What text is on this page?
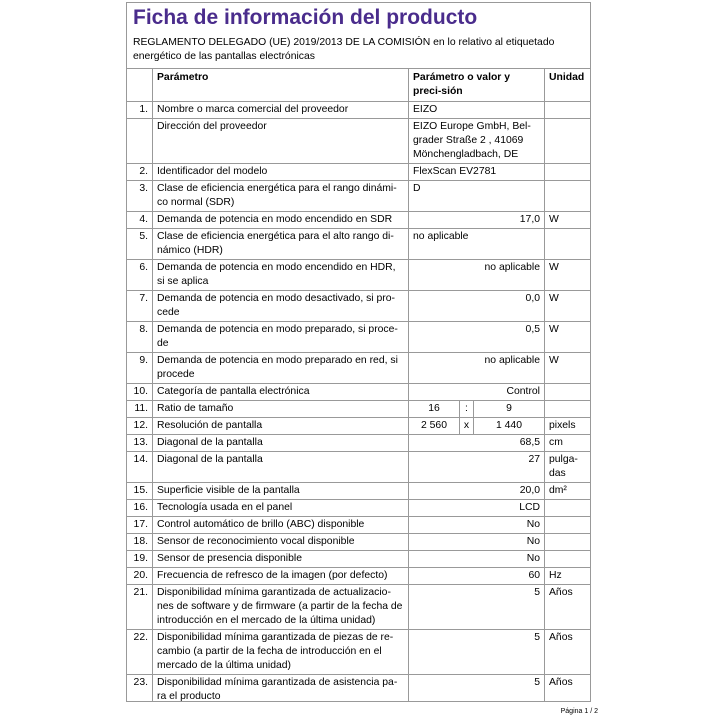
Ficha de información del producto
REGLAMENTO DELEGADO (UE) 2019/2013 DE LA COMISIÓN en lo relativo al etiquetado energético de las pantallas electrónicas
	Parámetro	Parámetro o valor y preci-sión			Unidad
1.	Nombre o marca comercial del proveedor	EIZO			
	Dirección del proveedor	EIZO Europe GmbH, Bel-grader Straße 2 , 41069 Mönchengladbach, DE			
2.	Identificador del modelo	FlexScan EV2781			
3.	Clase de eficiencia energética para el rango dinámi-co normal (SDR)	D			
4.	Demanda de potencia en modo encendido en SDR	17,0			W
5.	Clase de eficiencia energética para el alto rango di-námico (HDR)	no aplicable			
6.	Demanda de potencia en modo encendido en HDR, si se aplica	no aplicable			W
7.	Demanda de potencia en modo desactivado, si pro-cede	0,0			W
8.	Demanda de potencia en modo preparado, si proce-de	0,5			W
9.	Demanda de potencia en modo preparado en red, si procede	no aplicable			W
10.	Categoría de pantalla electrónica	Control			
11.	Ratio de tamaño	16	:	9	
12.	Resolución de pantalla	2 560	x	1 440	pixels
13.	Diagonal de la pantalla	68,5			cm
14.	Diagonal de la pantalla	27			pulga-das
15.	Superficie visible de la pantalla	20,0			dm²
16.	Tecnología usada en el panel	LCD			
17.	Control automático de brillo (ABC) disponible	No			
18.	Sensor de reconocimiento vocal disponible	No			
19.	Sensor de presencia disponible	No			
20.	Frecuencia de refresco de la imagen (por defecto)	60			Hz
21.	Disponibilidad mínima garantizada de actualizacio-nes de software y de firmware (a partir de la fecha de introducción en el mercado de la última unidad)	5			Años
22.	Disponibilidad mínima garantizada de piezas de re-cambio (a partir de la fecha de introducción en el mercado de la última unidad)	5			Años
23.	Disponibilidad mínima garantizada de asistencia pa-ra el producto	5			Años

Página 1 / 2
